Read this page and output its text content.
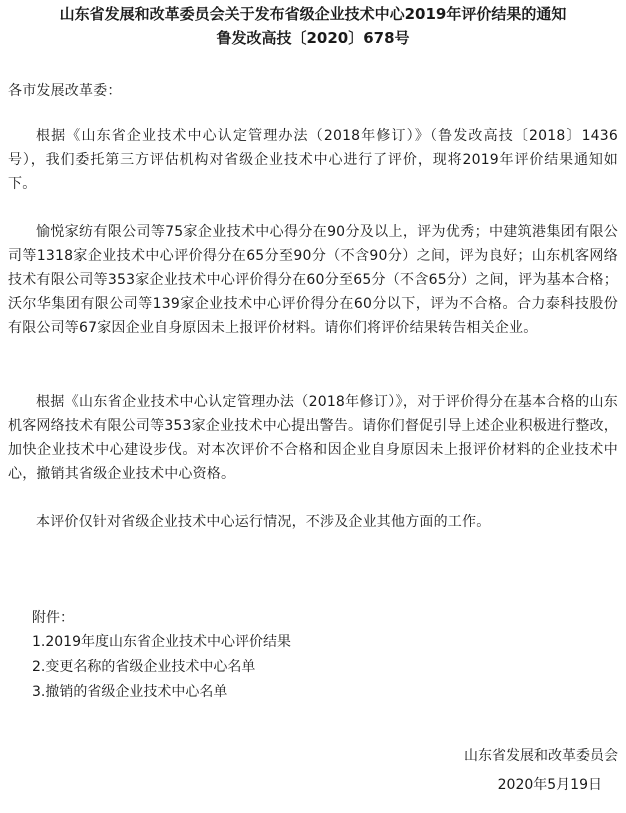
山东省发展和改革委员会关于发布省级企业技术中心2019年评价结果的通知
鲁发改高技〔2020〕678号

各市发展改革委：

根据《山东省企业技术中心认定管理办法（2018年修订）》（鲁发改高技〔2018〕1436号），我们委托第三方评估机构对省级企业技术中心进行了评价，现将2019年评价结果通知如下。

愉悦家纺有限公司等75家企业技术中心得分在90分及以上，评为优秀；中建筑港集团有限公司等1318家企业技术中心评价得分在65分至90分（不含90分）之间，评为良好；山东机客网络技术有限公司等353家企业技术中心评价得分在60分至65分（不含65分）之间，评为基本合格；沃尔华集团有限公司等139家企业技术中心评价得分在60分以下，评为不合格。合力泰科技股份有限公司等67家因企业自身原因未上报评价材料。请你们将评价结果转告相关企业。

根据《山东省企业技术中心认定管理办法（2018年修订）》，对于评价得分在基本合格的山东机客网络技术有限公司等353家企业技术中心提出警告。请你们督促引导上述企业积极进行整改，加快企业技术中心建设步伐。对本次评价不合格和因企业自身原因未上报评价材料的企业技术中心，撤销其省级企业技术中心资格。

本评价仅针对省级企业技术中心运行情况，不涉及企业其他方面的工作。

附件：

1.2019年度山东省企业技术中心评价结果
2.变更名称的省级企业技术中心名单
3.撤销的省级企业技术中心名单

山东省发展和改革委员会

2020年5月19日
